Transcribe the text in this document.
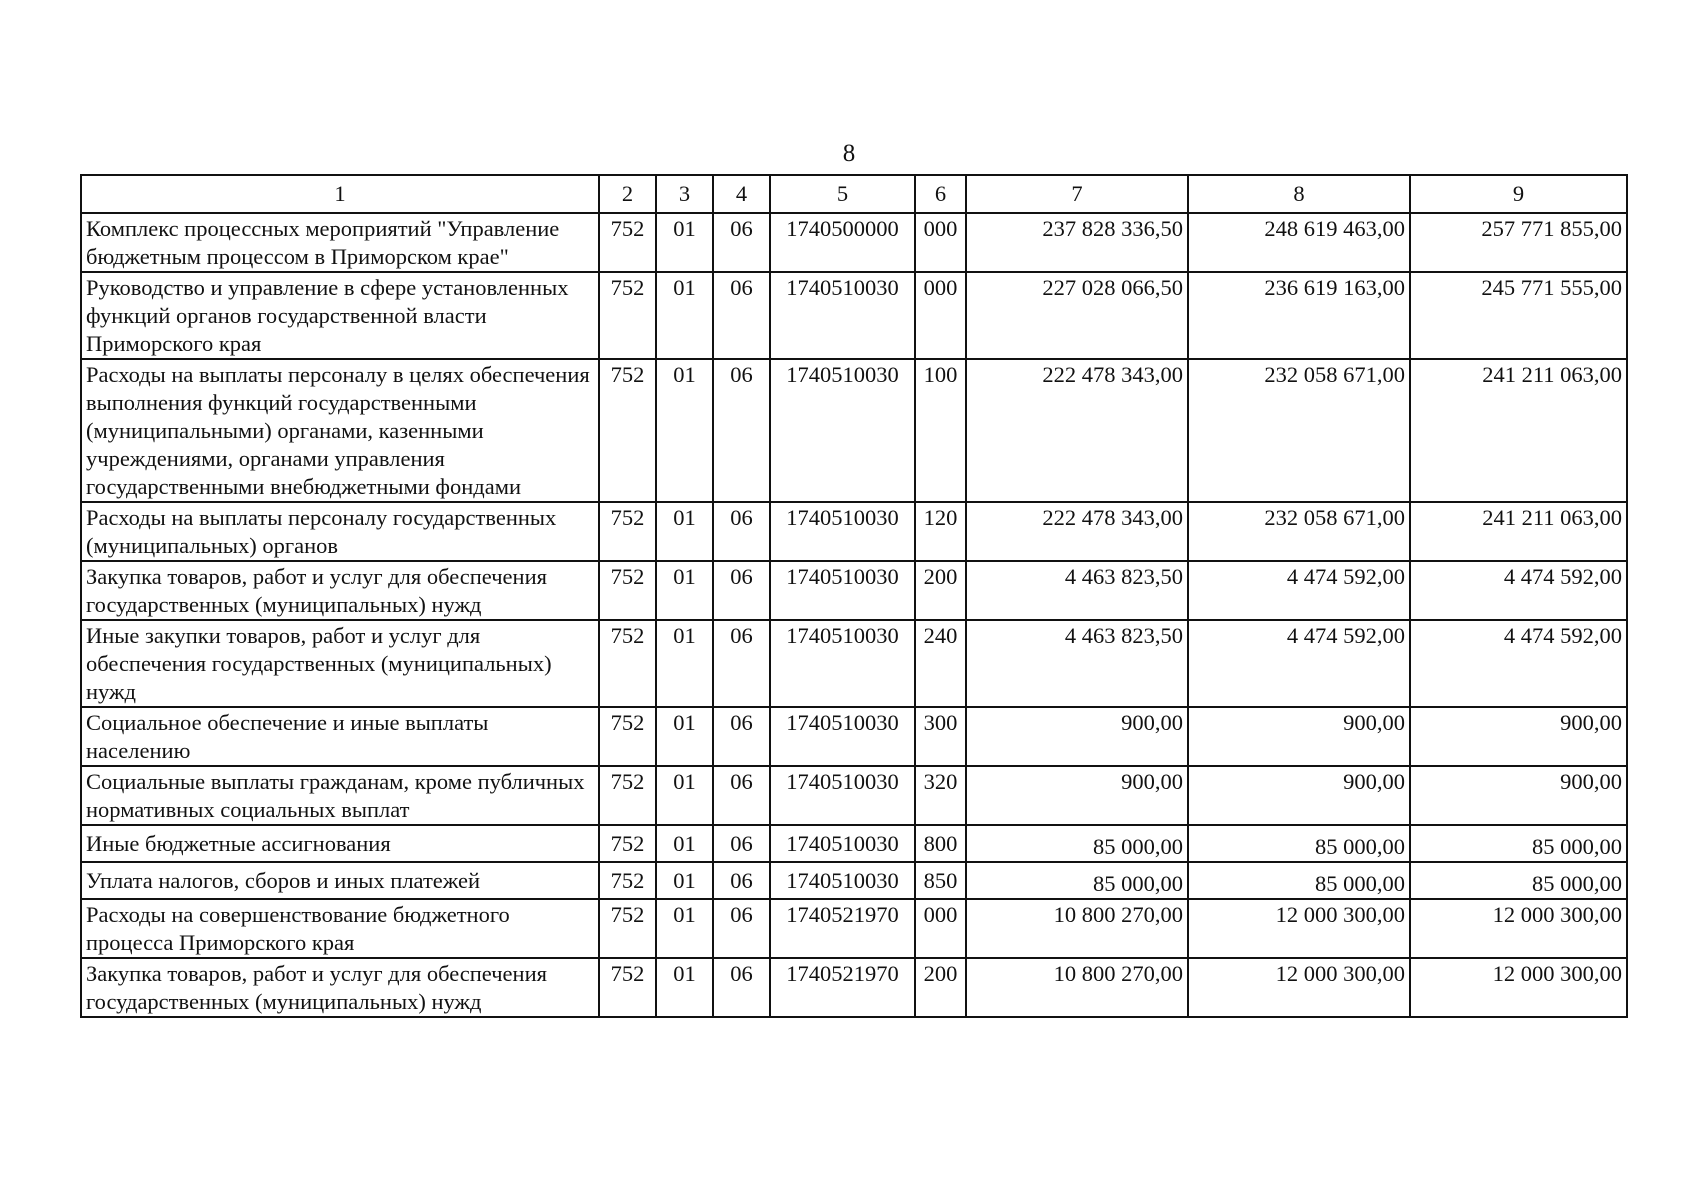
8
1	2	3	4	5	6	7	8	9
Комплекс процессных мероприятий "Управление бюджетным процессом в Приморском крае"	752	01	06	1740500000	000	237 828 336,50	248 619 463,00	257 771 855,00
Руководство и управление в сфере установленных функций органов государственной власти Приморского края	752	01	06	1740510030	000	227 028 066,50	236 619 163,00	245 771 555,00
Расходы на выплаты персоналу в целях обеспечения выполнения функций государственными (муниципальными) органами, казенными учреждениями, органами управления государственными внебюджетными фондами	752	01	06	1740510030	100	222 478 343,00	232 058 671,00	241 211 063,00
Расходы на выплаты персоналу государственных (муниципальных) органов	752	01	06	1740510030	120	222 478 343,00	232 058 671,00	241 211 063,00
Закупка товаров, работ и услуг для обеспечения государственных (муниципальных) нужд	752	01	06	1740510030	200	4 463 823,50	4 474 592,00	4 474 592,00
Иные закупки товаров, работ и услуг для обеспечения государственных (муниципальных) нужд	752	01	06	1740510030	240	4 463 823,50	4 474 592,00	4 474 592,00
Социальное обеспечение и иные выплаты населению	752	01	06	1740510030	300	900,00	900,00	900,00
Социальные выплаты гражданам, кроме публичных нормативных социальных выплат	752	01	06	1740510030	320	900,00	900,00	900,00
Иные бюджетные ассигнования	752	01	06	1740510030	800	85 000,00	85 000,00	85 000,00
Уплата налогов, сборов и иных платежей	752	01	06	1740510030	850	85 000,00	85 000,00	85 000,00
Расходы на совершенствование бюджетного процесса Приморского края	752	01	06	1740521970	000	10 800 270,00	12 000 300,00	12 000 300,00
Закупка товаров, работ и услуг для обеспечения государственных (муниципальных) нужд	752	01	06	1740521970	200	10 800 270,00	12 000 300,00	12 000 300,00
